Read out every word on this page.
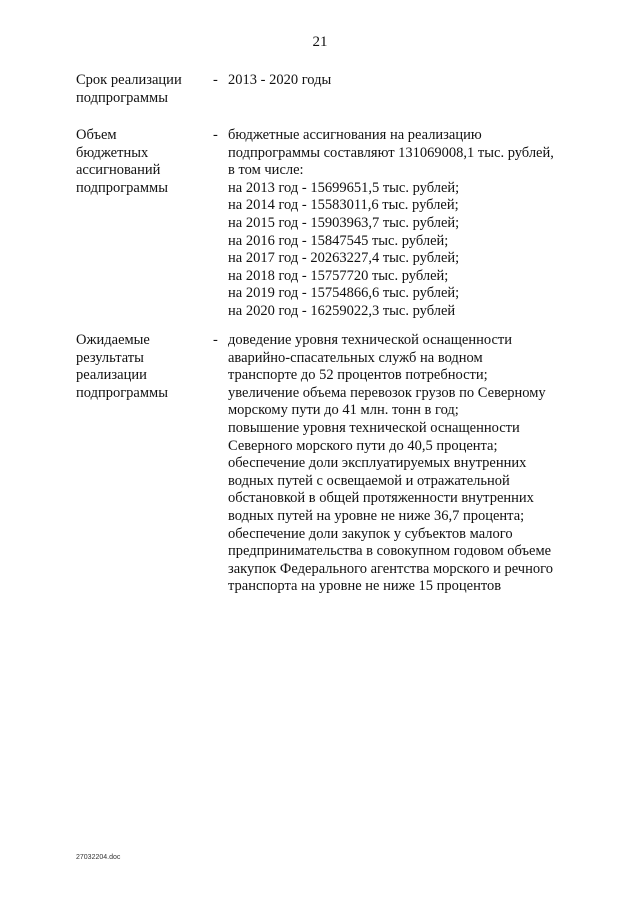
21
Срок реализации
подпрограммы
- 2013 - 2020 годы
Объем
бюджетных
ассигнований
подпрограммы
- бюджетные ассигнования на реализацию
подпрограммы составляют 131069008,1 тыс. рублей,
в том числе:
на 2013 год - 15699651,5 тыс. рублей;
на 2014 год - 15583011,6 тыс. рублей;
на 2015 год - 15903963,7 тыс. рублей;
на 2016 год - 15847545 тыс. рублей;
на 2017 год - 20263227,4 тыс. рублей;
на 2018 год - 15757720 тыс. рублей;
на 2019 год - 15754866,6 тыс. рублей;
на 2020 год - 16259022,3 тыс. рублей
Ожидаемые
результаты
реализации
подпрограммы
- доведение уровня технической оснащенности
аварийно-спасательных служб на водном
транспорте до 52 процентов потребности;
увеличение объема перевозок грузов по Северному
морскому пути до 41 млн. тонн в год;
повышение уровня технической оснащенности
Северного морского пути до 40,5 процента;
обеспечение доли эксплуатируемых внутренних
водных путей с освещаемой и отражательной
обстановкой в общей протяженности внутренних
водных путей на уровне не ниже 36,7 процента;
обеспечение доли закупок у субъектов малого
предпринимательства в совокупном годовом объеме
закупок Федерального агентства морского и речного
транспорта на уровне не ниже 15 процентов
27032204.doc
